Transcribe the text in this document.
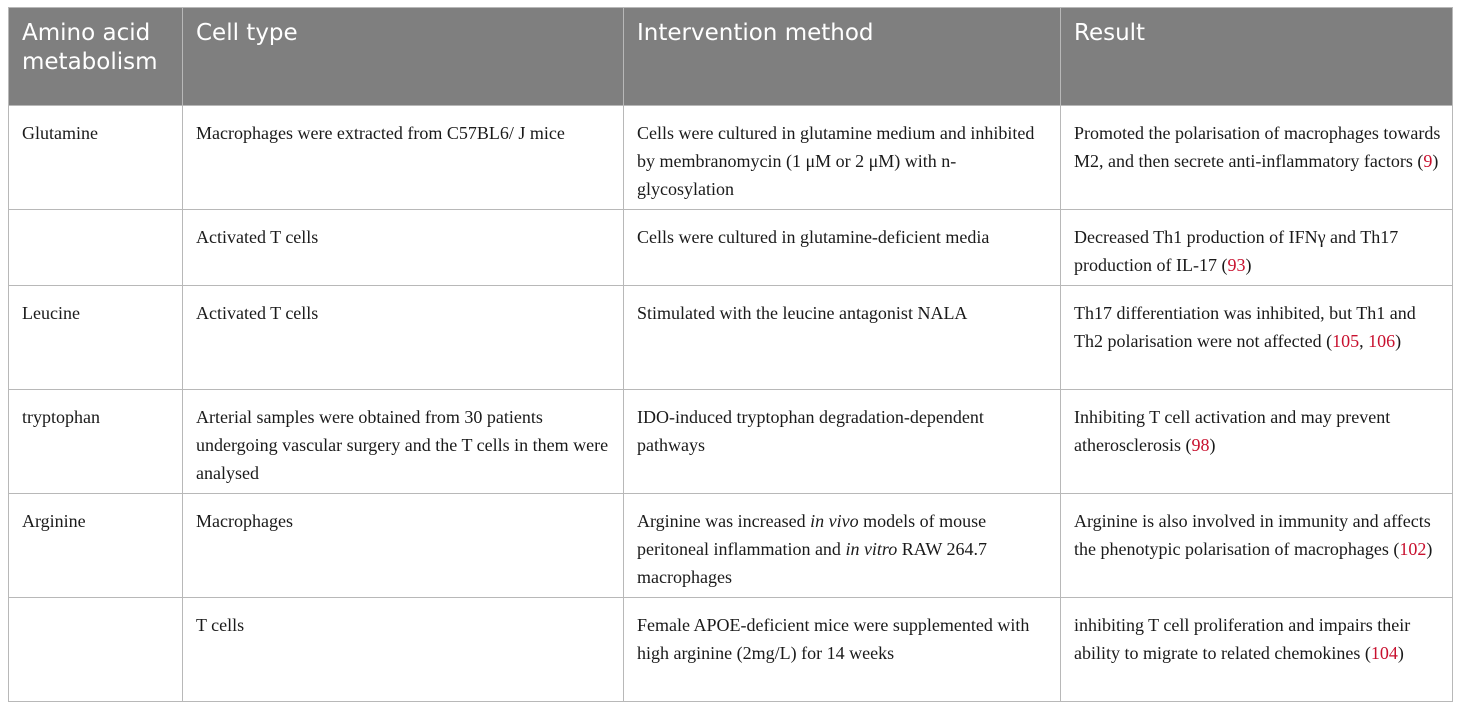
Amino acid metabolism	Cell type	Intervention method	Result
Glutamine	Macrophages were extracted from C57BL6/ J mice	Cells were cultured in glutamine medium and inhibited by membranomycin (1 μM or 2 μM) with n-glycosylation	Promoted the polarisation of macrophages towards M2, and then secrete anti-inflammatory factors (9)
	Activated T cells	Cells were cultured in glutamine-deficient media	Decreased Th1 production of IFNγ and Th17 production of IL-17 (93)
Leucine	Activated T cells	Stimulated with the leucine antagonist NALA	Th17 differentiation was inhibited, but Th1 and Th2 polarisation were not affected (105, 106)
tryptophan	Arterial samples were obtained from 30 patients undergoing vascular surgery and the T cells in them were analysed	IDO-induced tryptophan degradation-dependent pathways	Inhibiting T cell activation and may prevent atherosclerosis (98)
Arginine	Macrophages	Arginine was increased in vivo models of mouse peritoneal inflammation and in vitro RAW 264.7 macrophages	Arginine is also involved in immunity and affects the phenotypic polarisation of macrophages (102)
	T cells	Female APOE-deficient mice were supplemented with high arginine (2mg/L) for 14 weeks	inhibiting T cell proliferation and impairs their ability to migrate to related chemokines (104)
